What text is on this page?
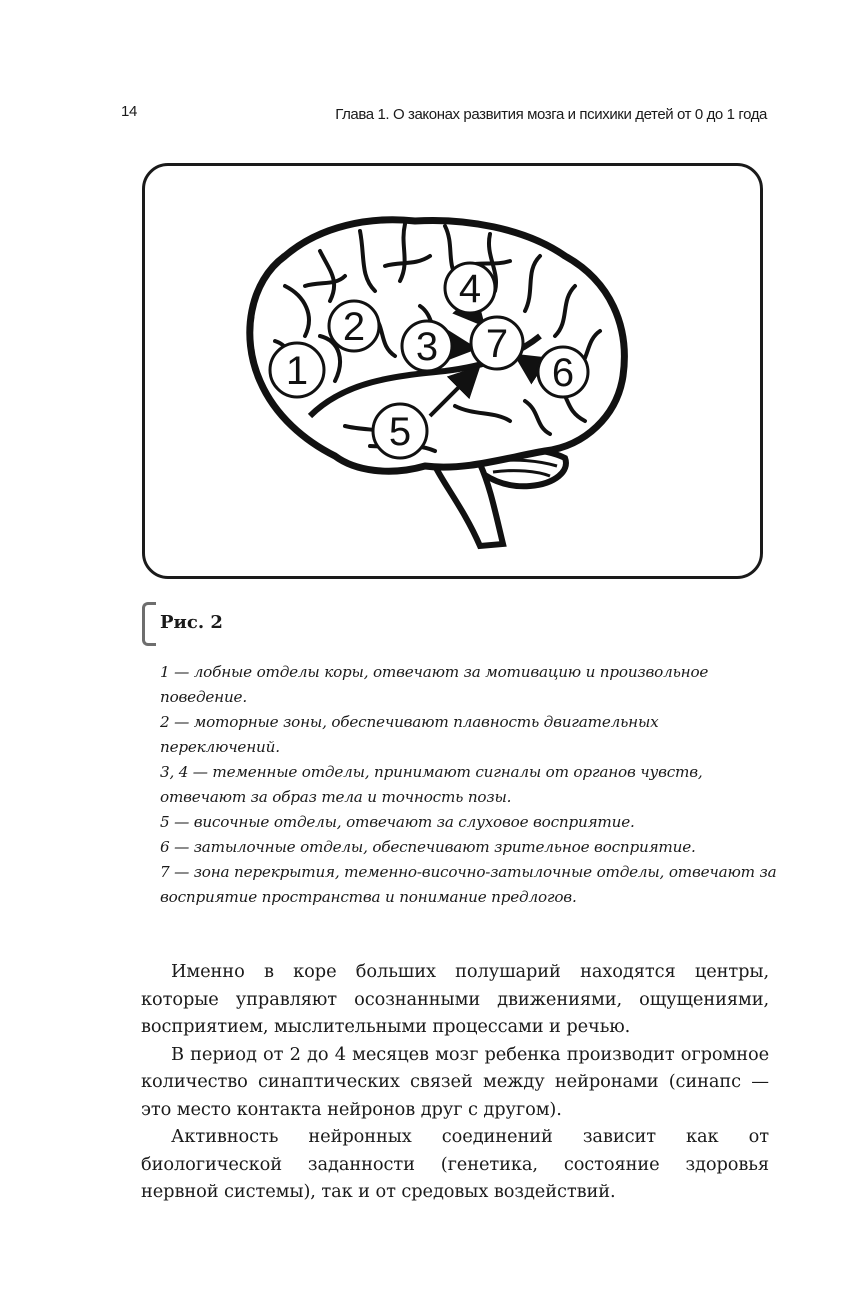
14	Глава 1. О законах развития мозга и психики детей от 0 до 1 года
1
2 3
4
5
6
7
Рис. 2

1 — лобные отделы коры, отвечают за мотивацию и произвольное поведение.

2 — моторные зоны, обеспечивают плавность двигательных переключений.

3, 4 — теменные отделы, принимают сигналы от органов чувств, отвечают за образ тела и точность позы.

5 — височные отделы, отвечают за слуховое восприятие.

6 — затылочные отделы, обеспечивают зрительное восприятие.

7 — зона перекрытия, теменно-височно-затылочные отделы, отвечают за восприятие пространства и понимание предлогов.

Именно в коре больших полушарий находятся центры, которые управляют осознанными движениями, ощущениями, восприятием, мыслительными процессами и речью.

В период от 2 до 4 месяцев мозг ребенка производит огромное количество синаптических связей между нейронами (синапс — это место контакта нейронов друг с другом).

Активность нейронных соединений зависит как от биологической заданности (генетика, состояние здоровья нервной системы), так и от средовых воздействий.
